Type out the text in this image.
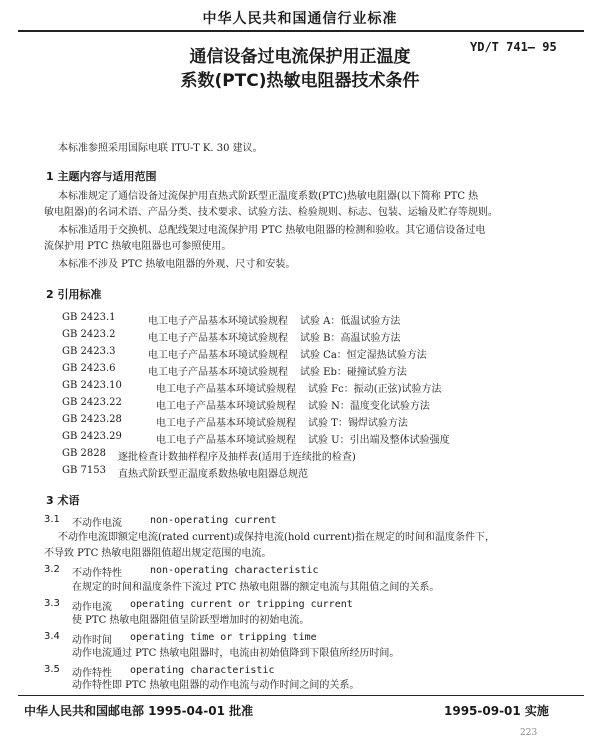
中华人民共和国通信行业标准
通信设备过电流保护用正温度
系数(PTC)热敏电阻器技术条件
YD/T 741— 95
本标准参照采用国际电联 ITU-T K. 30 建议。
1 主题内容与适用范围
本标准规定了通信设备过流保护用直热式阶跃型正温度系数(PTC)热敏电阻器(以下简称 PTC 热
敏电阻器)的名词术语、产品分类、技术要求、试验方法、检验规则、标志、包装、运输及贮存等规则。
本标准适用于交换机、总配线架过电流保护用 PTC 热敏电阻器的检测和验收。其它通信设备过电
流保护用 PTC 热敏电阻器也可参照使用。
本标准不涉及 PTC 热敏电阻器的外观、尺寸和安装。
2 引用标准
GB 2423.1	电工电子产品基本环境试验规程 试验 A：低温试验方法
GB 2423.2	电工电子产品基本环境试验规程 试验 B：高温试验方法
GB 2423.3	电工电子产品基本环境试验规程 试验 Ca：恒定湿热试验方法
GB 2423.6	电工电子产品基本环境试验规程 试验 Eb：碰撞试验方法
GB 2423.10	电工电子产品基本环境试验规程 试验 Fc：振动(正弦)试验方法
GB 2423.22	电工电子产品基本环境试验规程 试验 N：温度变化试验方法
GB 2423.28	电工电子产品基本环境试验规程 试验 T：锡焊试验方法
GB 2423.29	电工电子产品基本环境试验规程 试验 U：引出端及整体试验强度
GB 2828 逐批检查计数抽样程序及抽样表(适用于连续批的检查)
GB 7153 直热式阶跃型正温度系数热敏电阻器总规范
3 术语
3.1 不动作电流	non-operating current
不动作电流即额定电流(rated current)或保持电流(hold current)指在规定的时间和温度条件下，
不导致 PTC 热敏电阻器阻值超出规定范围的电流。
3.2 不动作特性	non-operating characteristic
在规定的时间和温度条件下流过 PTC 热敏电阻器的额定电流与其阻值之间的关系。
3.3 动作电流 operating current or tripping current
使 PTC 热敏电阻器阻值呈阶跃型增加时的初始电流。
3.4 动作时间 operating time or tripping time
动作电流通过 PTC 热敏电阻器时，电流由初始值降到下限值所经历时间。
3.5 动作特性 operating characteristic
动作特性即 PTC 热敏电阻器的动作电流与动作时间之间的关系。
中华人民共和国邮电部 1995-04-01 批准	1995-09-01 实施
223
